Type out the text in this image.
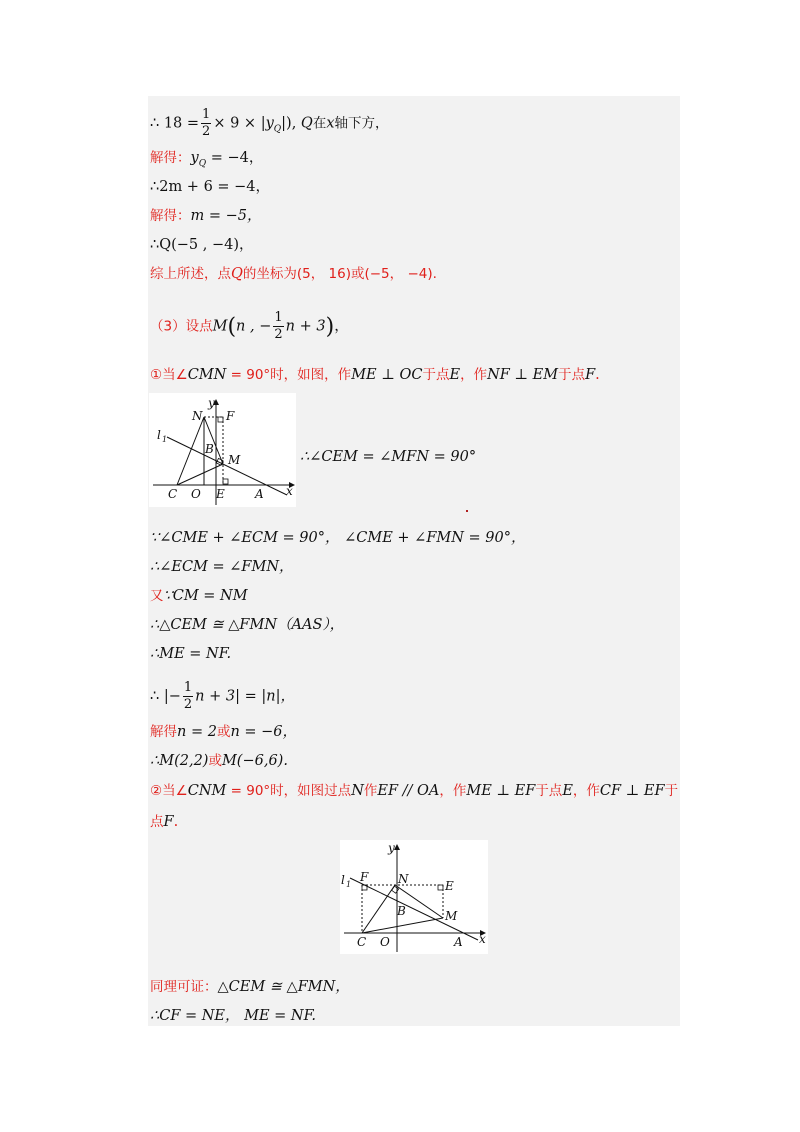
∴ $18 = \frac{1}{2} \times 9 \times |y_Q|$), Q在x轴下方，
解得：$y_Q = -4$，
∴2m + 6 = −4，
解得：m = −5，
∴Q(−5 , −4)，
综上所述，点Q的坐标为(5， 16)或(−5， −4).
（3）设点M(n , − $\frac{1}{2}$ n + 3)，
①当∠CMN = 90°时，如图，作ME ⊥ OC于点E，作NF ⊥ EM于点F.
y
N F
l 1
B
M
C O E	A x
∴∠CEM = ∠MFN = 90°
∵∠CME + ∠ECM = 90°， ∠CME + ∠FMN = 90°，
∴∠ECM = ∠FMN，
又∵CM = NM
∴△CEM ≅ △FMN（AAS），
∴ME = NF.
∴ |− $\frac{1}{2}$ n + 3| = |n|，
解得n = 2或n = −6，
∴M(2,2)或M(−6,6).
②当∠CNM = 90°时，如图过点N作EF // OA，作ME ⊥ EF于点E，作CF ⊥ EF于
点F.
y
l 1
F N	E
B	M
C O	A x
同理可证：△CEM ≅ △FMN，
∴CF = NE， ME = NF.
